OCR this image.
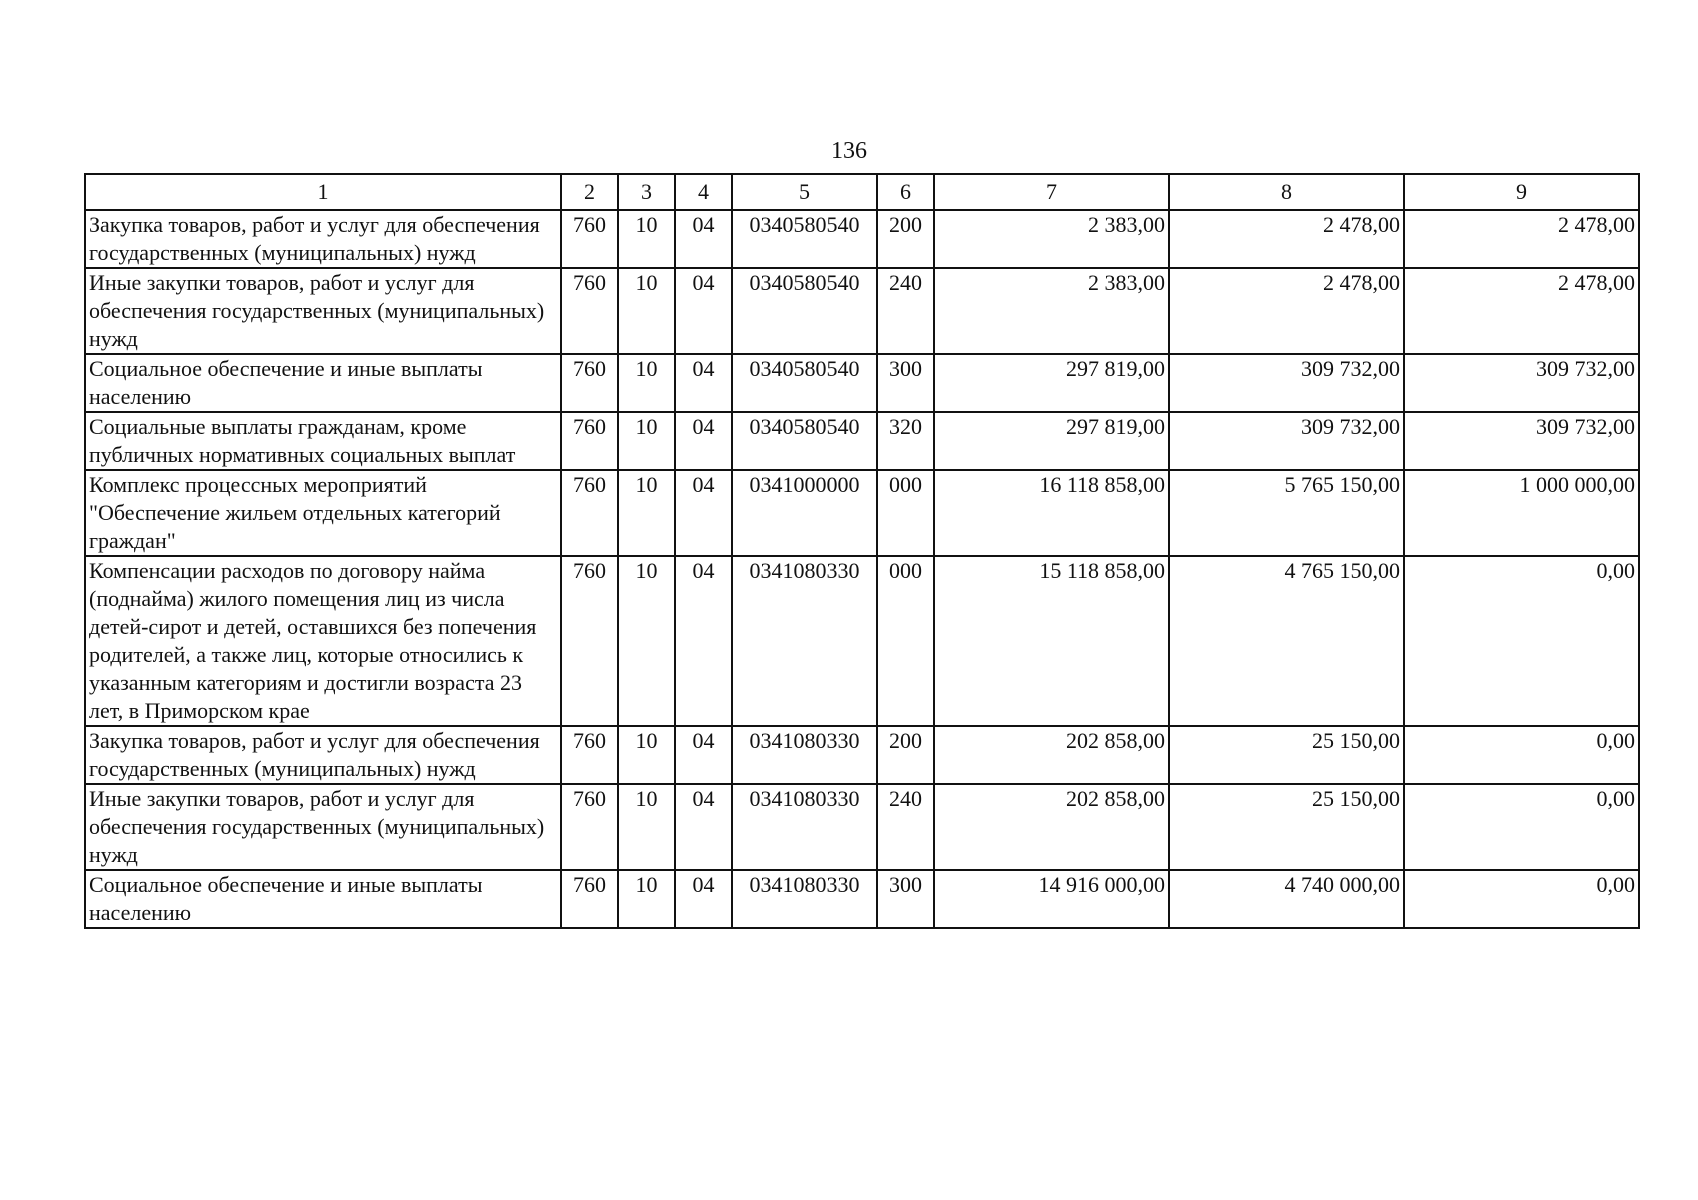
136
1	2	3	4	5	6	7	8	9
Закупка товаров, работ и услуг для обеспечения государственных (муниципальных) нужд	760	10	04	0340580540	200	2 383,00	2 478,00	2 478,00
Иные закупки товаров, работ и услуг для обеспечения государственных (муниципальных) нужд	760	10	04	0340580540	240	2 383,00	2 478,00	2 478,00
Социальное обеспечение и иные выплаты населению	760	10	04	0340580540	300	297 819,00	309 732,00	309 732,00
Социальные выплаты гражданам, кроме публичных нормативных социальных выплат	760	10	04	0340580540	320	297 819,00	309 732,00	309 732,00
Комплекс процессных мероприятий "Обеспечение жильем отдельных категорий граждан"	760	10	04	0341000000	000	16 118 858,00	5 765 150,00	1 000 000,00
Компенсации расходов по договору найма (поднайма) жилого помещения лиц из числа детей-сирот и детей, оставшихся без попечения родителей, а также лиц, которые относились к указанным категориям и достигли возраста 23 лет, в Приморском крае	760	10	04	0341080330	000	15 118 858,00	4 765 150,00	0,00
Закупка товаров, работ и услуг для обеспечения государственных (муниципальных) нужд	760	10	04	0341080330	200	202 858,00	25 150,00	0,00
Иные закупки товаров, работ и услуг для обеспечения государственных (муниципальных) нужд	760	10	04	0341080330	240	202 858,00	25 150,00	0,00
Социальное обеспечение и иные выплаты населению	760	10	04	0341080330	300	14 916 000,00	4 740 000,00	0,00
